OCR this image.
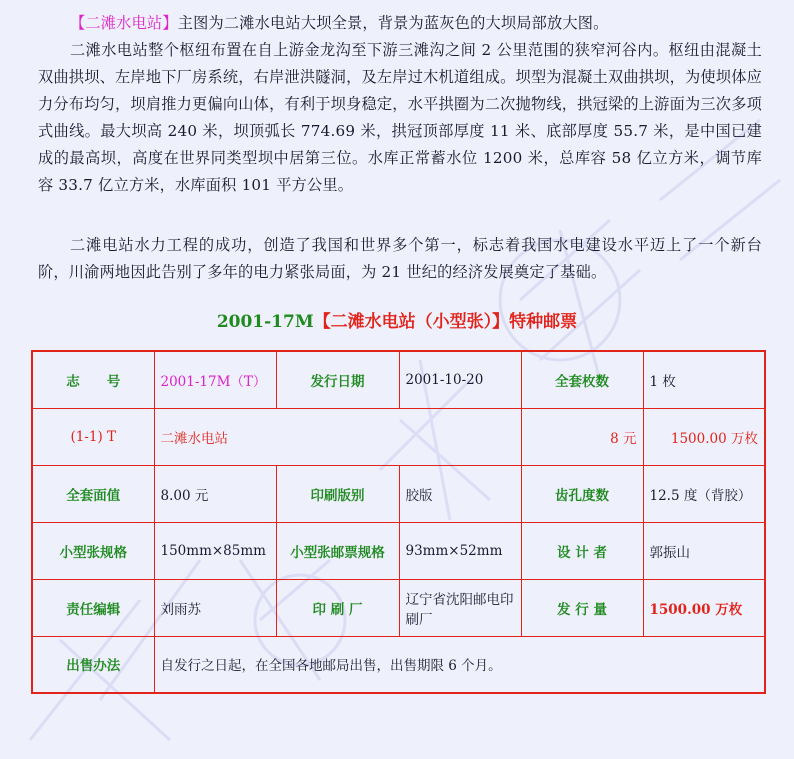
【二滩水电站】主图为二滩水电站大坝全景，背景为蓝灰色的大坝局部放大图。

二滩水电站整个枢纽布置在自上游金龙沟至下游三滩沟之间 2 公里范围的狭窄河谷内。枢纽由混凝土双曲拱坝、左岸地下厂房系统，右岸泄洪隧洞，及左岸过木机道组成。坝型为混凝土双曲拱坝，为使坝体应力分布均匀，坝肩推力更偏向山体，有利于坝身稳定，水平拱圈为二次抛物线，拱冠梁的上游面为三次多项式曲线。最大坝高 240 米，坝顶弧长 774.69 米，拱冠顶部厚度 11 米、底部厚度 55.7 米，是中国已建成的最高坝，高度在世界同类型坝中居第三位。水库正常蓄水位 1200 米，总库容 58 亿立方米，调节库容 33.7 亿立方米，水库面积 101 平方公里。

二滩电站水力工程的成功，创造了我国和世界多个第一，标志着我国水电建设水平迈上了一个新台阶，川渝两地因此告别了多年的电力紧张局面，为 21 世纪的经济发展奠定了基础。

2001-17M【二滩水电站（小型张）】特种邮票
志　　号	2001-17M（T）	发行日期	2001-10-20	全套枚数	1 枚
(1-1) T	二滩水电站			8 元	1500.00 万枚
全套面值	8.00 元	印刷版别	胶版	齿孔度数	12.5 度（背胶）
小型张规格	150mm×85mm	小型张邮票规格	93mm×52mm	设 计 者	郭振山
责任编辑	刘雨苏	印 刷 厂	辽宁省沈阳邮电印刷厂	发 行 量	1500.00 万枚
出售办法	自发行之日起，在全国各地邮局出售，出售期限 6 个月。				
